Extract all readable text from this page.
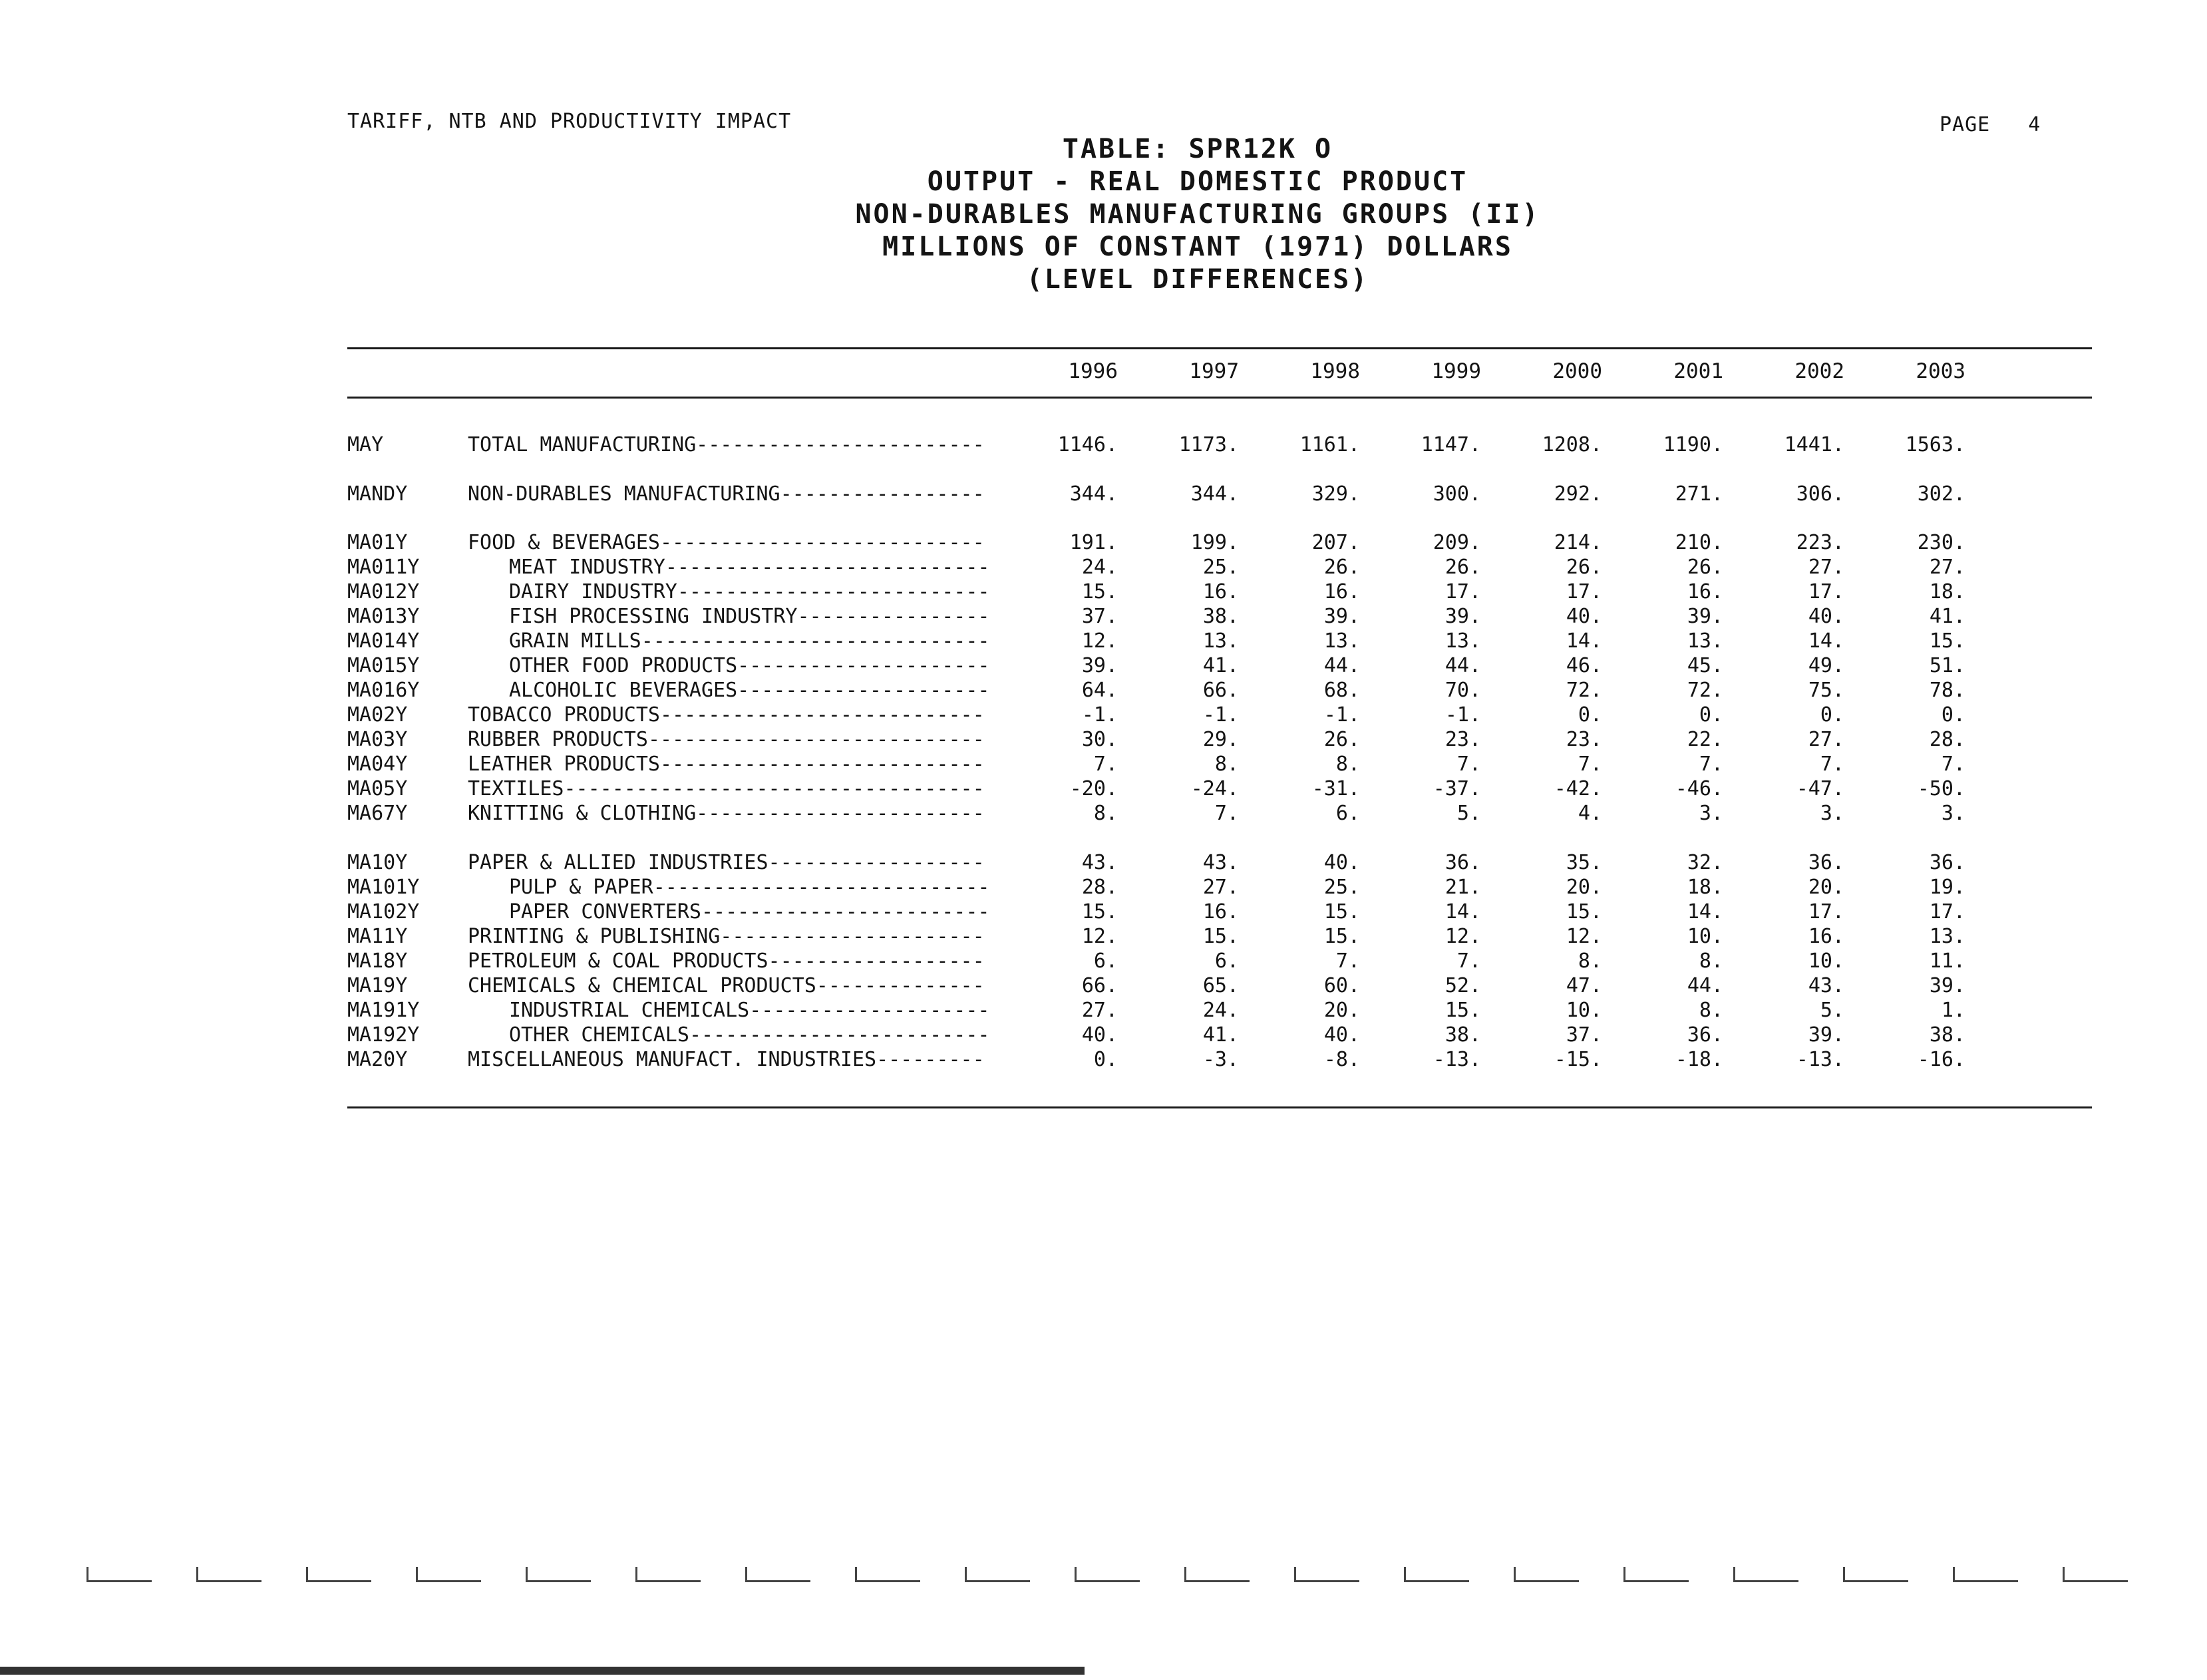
TARIFF, NTB AND PRODUCTIVITY IMPACT	PAGE   4
TABLE: SPR12K O
OUTPUT - REAL DOMESTIC PRODUCT
NON-DURABLES MANUFACTURING GROUPS (II)
MILLIONS OF CONSTANT (1971) DOLLARS
(LEVEL DIFFERENCES)
1996	1997	1998	1999	2000	2001	2002	2003
MAY	TOTAL MANUFACTURING -----	1146.	1173.	1161.	1147.	1208.	1190.	1441.	1563.
MANDY	NON-DURABLES MANUFACTURING -----	344.	344.	329.	300.	292.	271.	306.	302.
MA01Y	FOOD & BEVERAGES -----	191.	199.	207.	209.	214.	210.	223.	230.
MA011Y	MEAT INDUSTRY -----	24.	25.	26.	26.	26.	26.	27.	27.
MA012Y	DAIRY INDUSTRY -----	15.	16.	16.	17.	17.	16.	17.	18.
MA013Y	FISH PROCESSING INDUSTRY -----	37.	38.	39.	39.	40.	39.	40.	41.
MA014Y	GRAIN MILLS -----	12.	13.	13.	13.	14.	13.	14.	15.
MA015Y	OTHER FOOD PRODUCTS -----	39.	41.	44.	44.	46.	45.	49.	51.
MA016Y	ALCOHOLIC BEVERAGES -----	64.	66.	68.	70.	72.	72.	75.	78.
MA02Y	TOBACCO PRODUCTS -----	-1.	-1.	-1.	-1.	0.	0.	0.	0.
MA03Y	RUBBER PRODUCTS -----	30.	29.	26.	23.	23.	22.	27.	28.
MA04Y	LEATHER PRODUCTS -----	7.	8.	8.	7.	7.	7.	7.	7.
MA05Y	TEXTILES -----	-20.	-24.	-31.	-37.	-42.	-46.	-47.	-50.
MA67Y	KNITTING & CLOTHING -----	8.	7.	6.	5.	4.	3.	3.	3.
MA10Y	PAPER & ALLIED INDUSTRIES -----	43.	43.	40.	36.	35.	32.	36.	36.
MA101Y	PULP & PAPER -----	28.	27.	25.	21.	20.	18.	20.	19.
MA102Y	PAPER CONVERTERS -----	15.	16.	15.	14.	15.	14.	17.	17.
MA11Y	PRINTING & PUBLISHING -----	12.	15.	15.	12.	12.	10.	16.	13.
MA18Y	PETROLEUM & COAL PRODUCTS -----	6.	6.	7.	7.	8.	8.	10.	11.
MA19Y	CHEMICALS & CHEMICAL PRODUCTS -----	66.	65.	60.	52.	47.	44.	43.	39.
MA191Y	INDUSTRIAL CHEMICALS -----	27.	24.	20.	15.	10.	8.	5.	1.
MA192Y	OTHER CHEMICALS -----	40.	41.	40.	38.	37.	36.	39.	38.
MA20Y	MISCELLANEOUS MANUFACT. INDUSTRIES -----	0.	-3.	-8.	-13.	-15.	-18.	-13.	-16.
